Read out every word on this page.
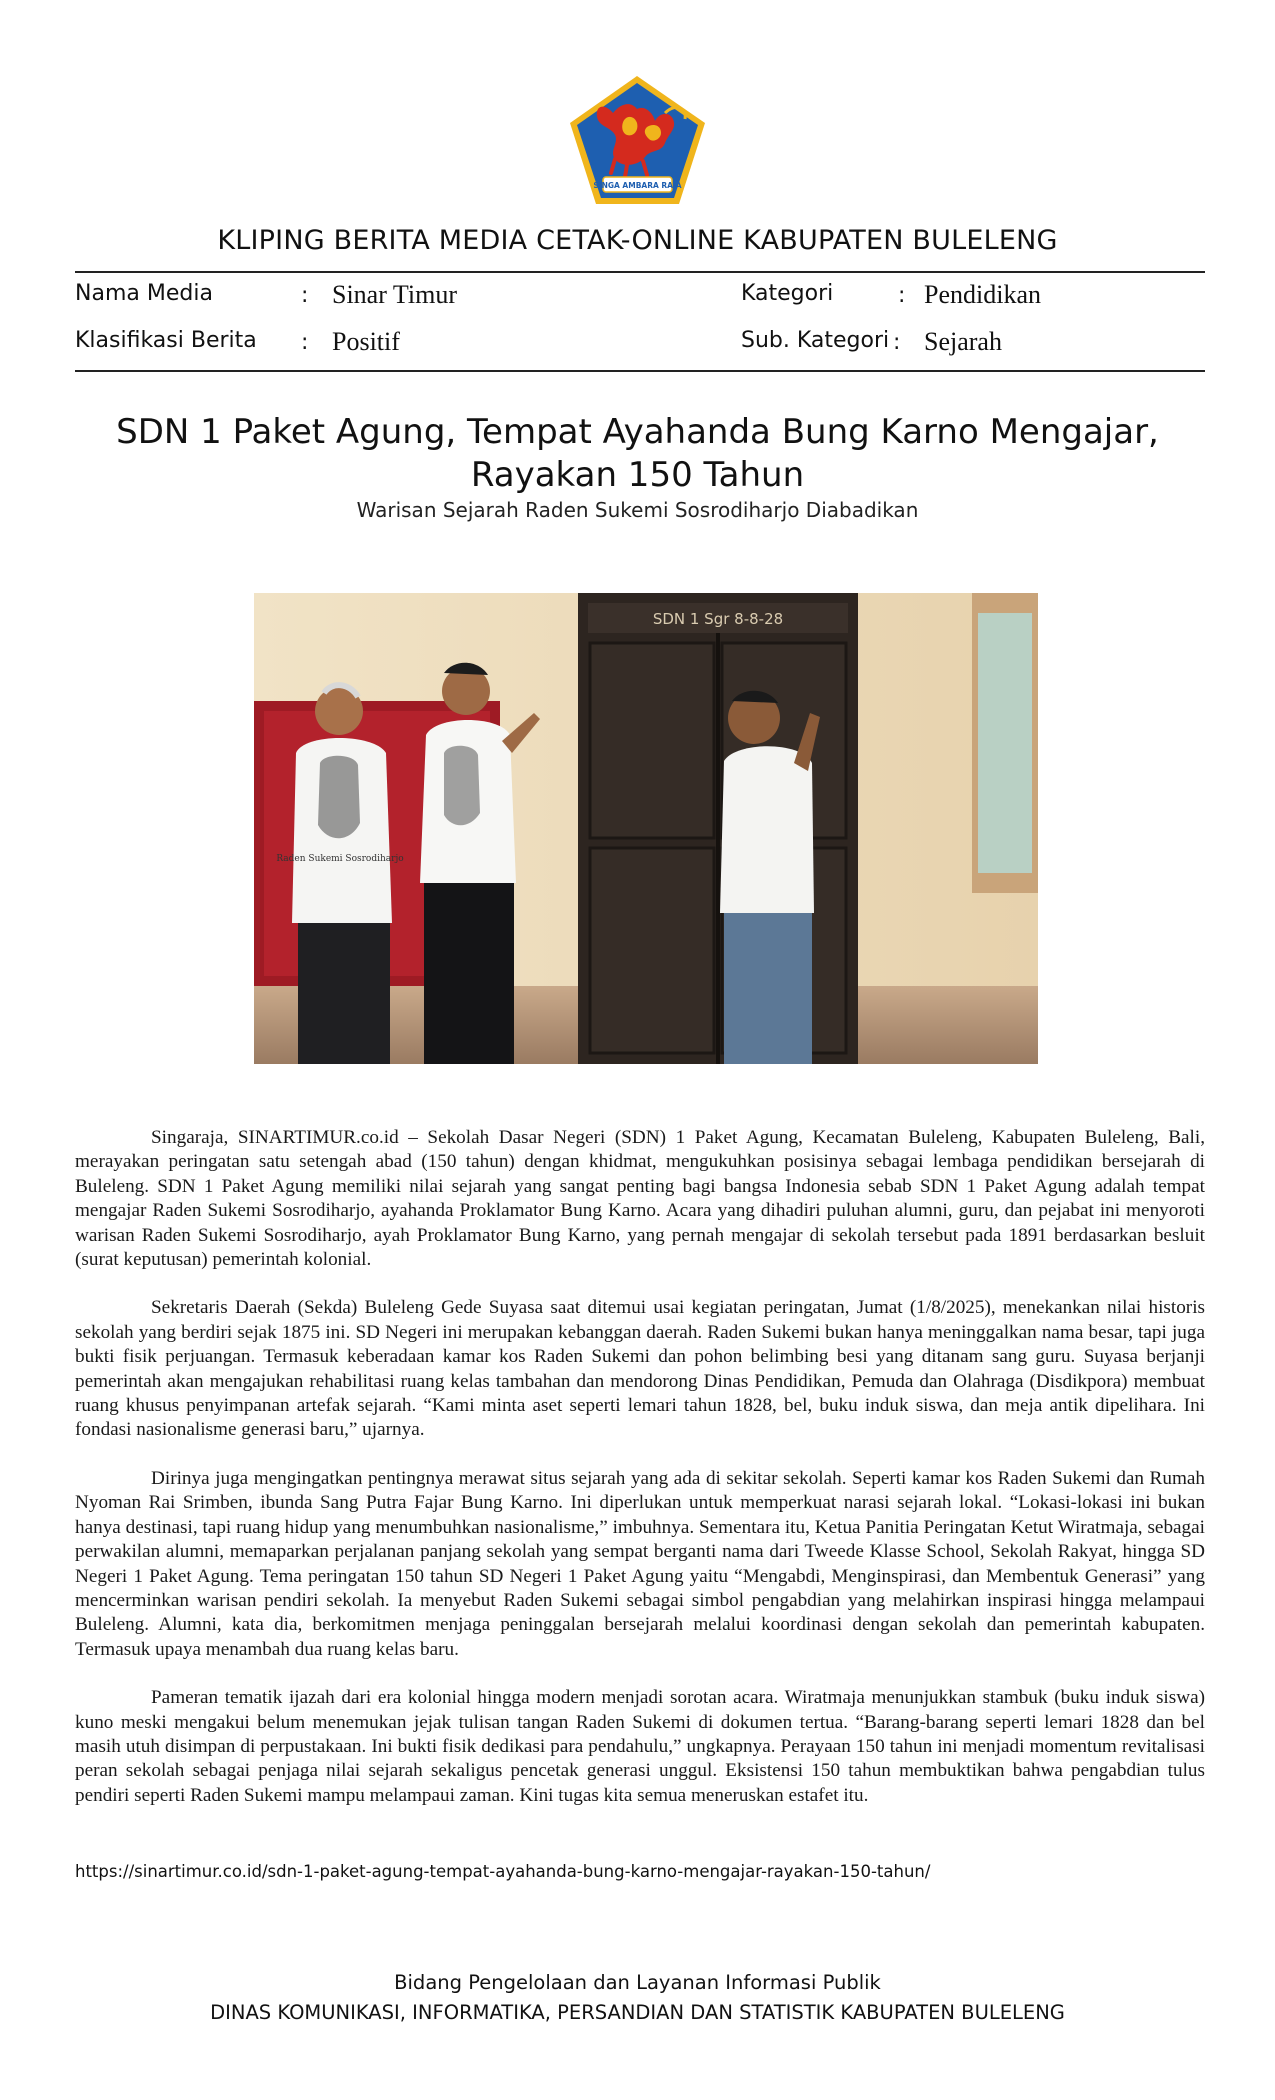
SINGA AMBARA RAJA
KLIPING BERITA MEDIA CETAK-ONLINE KABUPATEN BULELENG
Nama Media	: Sinar Timur
Klasifikasi Berita : Positif
Kategori	: Pendidikan
Sub. Kategori : Sejarah
SDN 1 Paket Agung, Tempat Ayahanda Bung Karno Mengajar,
Rayakan 150 Tahun
Warisan Sejarah Raden Sukemi Sosrodiharjo Diabadikan
SDN 1 Sgr 8-8-28
Raden Sukemi Sosrodiharjo

Singaraja, SINARTIMUR.co.id – Sekolah Dasar Negeri (SDN) 1 Paket Agung, Kecamatan Buleleng, Kabupaten Buleleng, Bali, merayakan peringatan satu setengah abad (150 tahun) dengan khidmat, mengukuhkan posisinya sebagai lembaga pendidikan bersejarah di Buleleng. SDN 1 Paket Agung memiliki nilai sejarah yang sangat penting bagi bangsa Indonesia sebab SDN 1 Paket Agung adalah tempat mengajar Raden Sukemi Sosrodiharjo, ayahanda Proklamator Bung Karno. Acara yang dihadiri puluhan alumni, guru, dan pejabat ini menyoroti warisan Raden Sukemi Sosrodiharjo, ayah Proklamator Bung Karno, yang pernah mengajar di sekolah tersebut pada 1891 berdasarkan besluit (surat keputusan) pemerintah kolonial.

Sekretaris Daerah (Sekda) Buleleng Gede Suyasa saat ditemui usai kegiatan peringatan, Jumat (1/8/2025), menekankan nilai historis sekolah yang berdiri sejak 1875 ini. SD Negeri ini merupakan kebanggan daerah. Raden Sukemi bukan hanya meninggalkan nama besar, tapi juga bukti fisik perjuangan. Termasuk keberadaan kamar kos Raden Sukemi dan pohon belimbing besi yang ditanam sang guru. Suyasa berjanji pemerintah akan mengajukan rehabilitasi ruang kelas tambahan dan mendorong Dinas Pendidikan, Pemuda dan Olahraga (Disdikpora) membuat ruang khusus penyimpanan artefak sejarah. “Kami minta aset seperti lemari tahun 1828, bel, buku induk siswa, dan meja antik dipelihara. Ini fondasi nasionalisme generasi baru,” ujarnya.

Dirinya juga mengingatkan pentingnya merawat situs sejarah yang ada di sekitar sekolah. Seperti kamar kos Raden Sukemi dan Rumah Nyoman Rai Srimben, ibunda Sang Putra Fajar Bung Karno. Ini diperlukan untuk memperkuat narasi sejarah lokal. “Lokasi-lokasi ini bukan hanya destinasi, tapi ruang hidup yang menumbuhkan nasionalisme,” imbuhnya. Sementara itu, Ketua Panitia Peringatan Ketut Wiratmaja, sebagai perwakilan alumni, memaparkan perjalanan panjang sekolah yang sempat berganti nama dari Tweede Klasse School, Sekolah Rakyat, hingga SD Negeri 1 Paket Agung. Tema peringatan 150 tahun SD Negeri 1 Paket Agung yaitu “Mengabdi, Menginspirasi, dan Membentuk Generasi” yang mencerminkan warisan pendiri sekolah. Ia menyebut Raden Sukemi sebagai simbol pengabdian yang melahirkan inspirasi hingga melampaui Buleleng. Alumni, kata dia, berkomitmen menjaga peninggalan bersejarah melalui koordinasi dengan sekolah dan pemerintah kabupaten. Termasuk upaya menambah dua ruang kelas baru.

Pameran tematik ijazah dari era kolonial hingga modern menjadi sorotan acara. Wiratmaja menunjukkan stambuk (buku induk siswa) kuno meski mengakui belum menemukan jejak tulisan tangan Raden Sukemi di dokumen tertua. “Barang-barang seperti lemari 1828 dan bel masih utuh disimpan di perpustakaan. Ini bukti fisik dedikasi para pendahulu,” ungkapnya. Perayaan 150 tahun ini menjadi momentum revitalisasi peran sekolah sebagai penjaga nilai sejarah sekaligus pencetak generasi unggul. Eksistensi 150 tahun membuktikan bahwa pengabdian tulus pendiri seperti Raden Sukemi mampu melampaui zaman. Kini tugas kita semua meneruskan estafet itu.

https://sinartimur.co.id/sdn-1-paket-agung-tempat-ayahanda-bung-karno-mengajar-rayakan-150-tahun/
Bidang Pengelolaan dan Layanan Informasi Publik
DINAS KOMUNIKASI, INFORMATIKA, PERSANDIAN DAN STATISTIK KABUPATEN BULELENG
